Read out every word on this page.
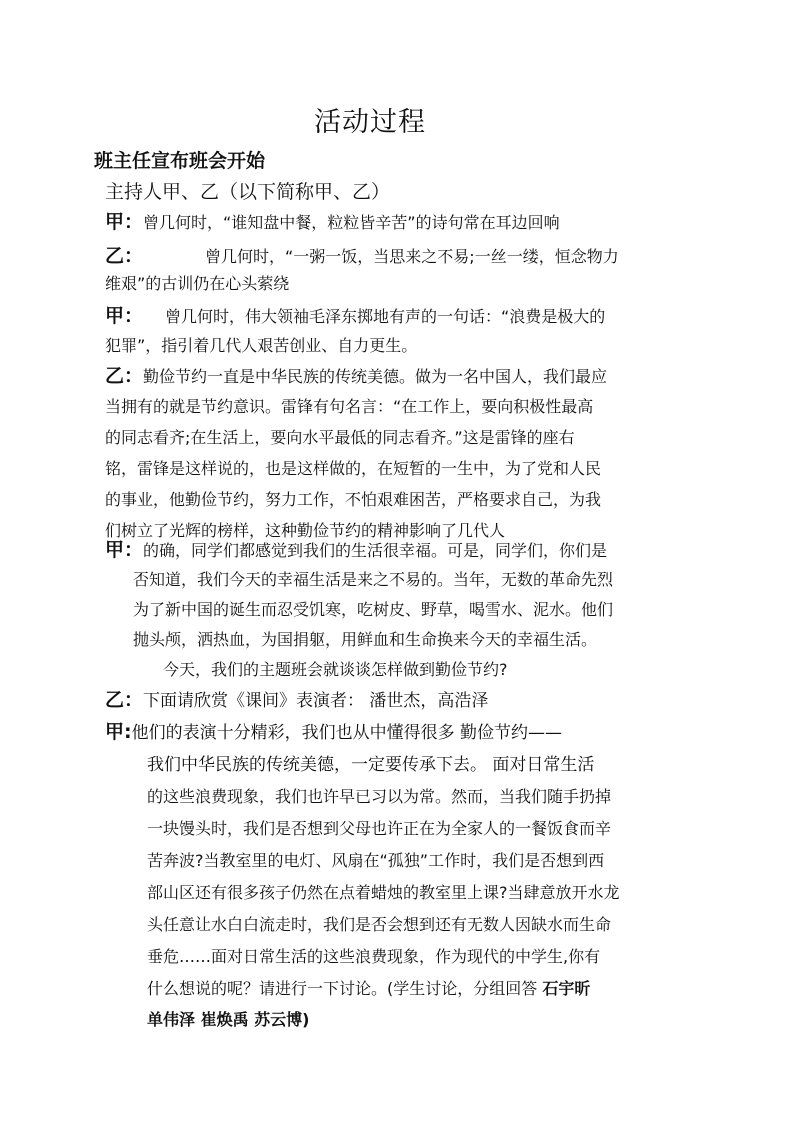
活动过程
班主任宣布班会开始
主持人甲、乙（以下简称甲、乙）
甲：曾几何时，“谁知盘中餐，粒粒皆辛苦”的诗句常在耳边回响
乙：	曾几何时，“一粥一饭，当思来之不易;一丝一缕，恒念物力
维艰”的古训仍在心头萦绕
甲： 曾几何时，伟大领袖毛泽东掷地有声的一句话：“浪费是极大的
犯罪”，指引着几代人艰苦创业、自力更生。
乙：勤俭节约一直是中华民族的传统美德。做为一名中国人，我们最应
当拥有的就是节约意识。雷锋有句名言：“在工作上，要向积极性最高
的同志看齐;在生活上，要向水平最低的同志看齐。”这是雷锋的座右
铭，雷锋是这样说的，也是这样做的，在短暂的一生中，为了党和人民
的事业，他勤俭节约，努力工作，不怕艰难困苦，严格要求自己，为我
们树立了光辉的榜样，这种勤俭节约的精神影响了几代人
甲：的确，同学们都感觉到我们的生活很幸福。可是，同学们，你们是
否知道，我们今天的幸福生活是来之不易的。当年，无数的革命先烈
为了新中国的诞生而忍受饥寒，吃树皮、野草，喝雪水、泥水。他们
抛头颅，洒热血，为国捐躯，用鲜血和生命换来今天的幸福生活。
今天，我们的主题班会就谈谈怎样做到勤俭节约?
乙：下面请欣赏《课间》表演者： 潘世杰，高浩泽
甲:他们的表演十分精彩，我们也从中懂得很多 勤俭节约——
我们中华民族的传统美德，一定要传承下去。 面对日常生活
的这些浪费现象，我们也许早已习以为常。然而，当我们随手扔掉
一块馒头时，我们是否想到父母也许正在为全家人的一餐饭食而辛
苦奔波?当教室里的电灯、风扇在“孤独”工作时，我们是否想到西
部山区还有很多孩子仍然在点着蜡烛的教室里上课?当肆意放开水龙
头任意让水白白流走时，我们是否会想到还有无数人因缺水而生命
垂危……面对日常生活的这些浪费现象，作为现代的中学生,你有
什么想说的呢？请进行一下讨论。(学生讨论，分组回答 石宇昕
单伟泽 崔焕禹 苏云博)
